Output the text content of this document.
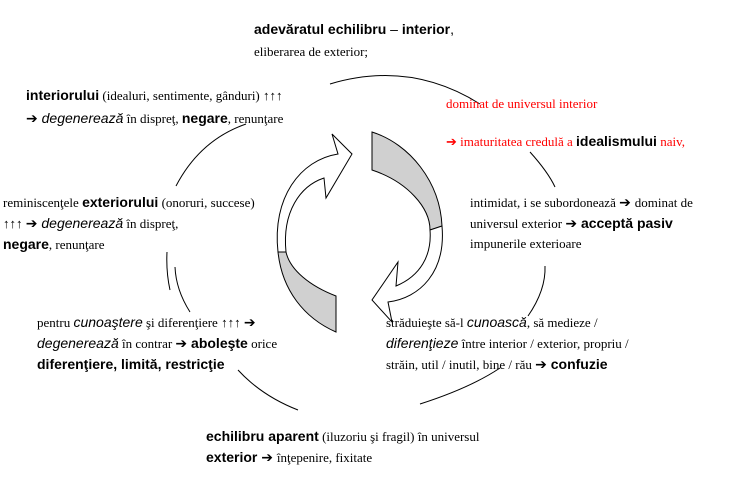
adevăratul echilibru – interior,
eliberarea de exterior;
interiorului (idealuri, sentimente, gânduri) ↑↑↑
➔ degenerează în dispreţ, negare, renunţare
dominat de universul interior
➔ imaturitatea credulă a idealismului naiv,
reminiscenţele exteriorului (onoruri, succese) ↑↑↑ ➔ degenerează în dispreţ,
negare, renunţare
intimidat, i se subordonează ➔ dominat de universul exterior ➔ acceptă pasiv
impunerile exterioare
pentru cunoaştere şi diferenţiere ↑↑↑ ➔
degenerează în contrar ➔ aboleşte orice
diferenţiere, limită, restricţie
străduieşte să-l cunoască, să medieze /
diferenţieze între interior / exterior, propriu /
străin, util / inutil, bine / rău ➔ confuzie
echilibru aparent (iluzoriu şi fragil) în universul
exterior ➔ înţepenire, fixitate
